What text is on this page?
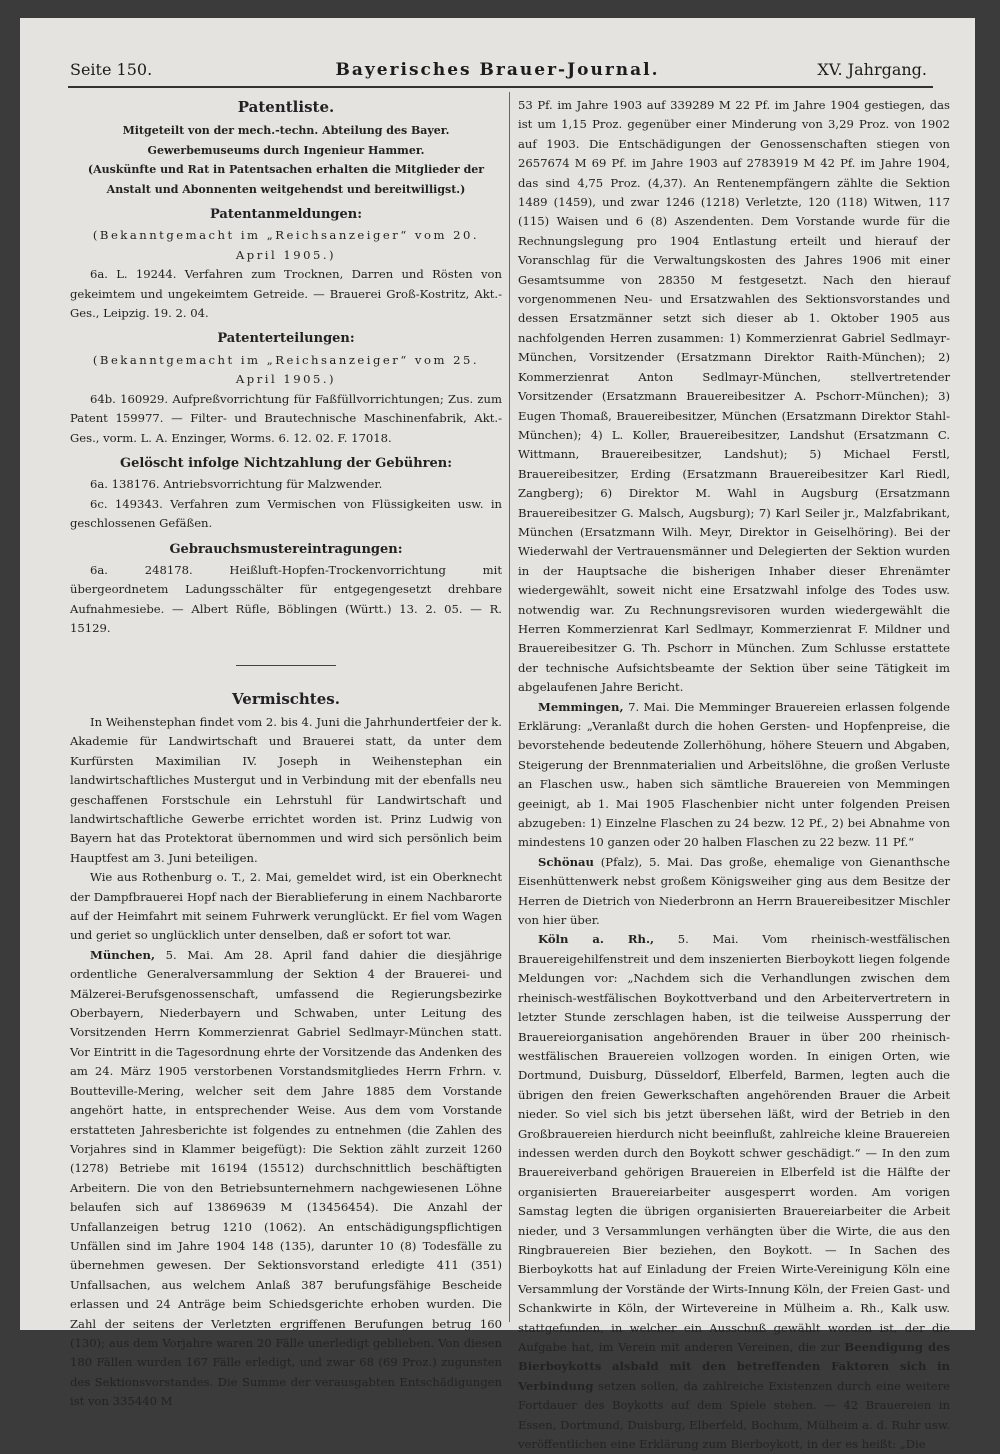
Seite 150.	Bayerisches Brauer-Journal.	XV. Jahrgang.
Patentliste.

Mitgeteilt von der mech.-techn. Abteilung des Bayer. Gewerbemuseums durch Ingenieur Hammer.

(Auskünfte und Rat in Patentsachen erhalten die Mitglieder der Anstalt und Abonnenten weitgehendst und bereitwilligst.)

Patentanmeldungen:

(Bekanntgemacht im „Reichsanzeiger“ vom 20. April 1905.)

6a. L. 19244. Verfahren zum Trocknen, Darren und Rösten von gekeimtem und ungekeimtem Getreide. — Brauerei Groß-Kostritz, Akt.-Ges., Leipzig. 19. 2. 04.

Patenterteilungen:

(Bekanntgemacht im „Reichsanzeiger“ vom 25. April 1905.)

64b. 160929. Aufpreßvorrichtung für Faßfüllvorrichtungen; Zus. zum Patent 159977. — Filter- und Brautechnische Maschinenfabrik, Akt.-Ges., vorm. L. A. Enzinger, Worms. 6. 12. 02. F. 17018.

Gelöscht infolge Nichtzahlung der Gebühren:

6a. 138176. Antriebsvorrichtung für Malzwender.

6c. 149343. Verfahren zum Vermischen von Flüssigkeiten usw. in geschlossenen Gefäßen.

Gebrauchsmustereintragungen:

6a. 248178. Heißluft-Hopfen-Trockenvorrichtung mit übergeordnetem Ladungsschälter für entgegengesetzt drehbare Aufnahmesiebe. — Albert Rüfle, Böblingen (Württ.) 13. 2. 05. — R. 15129.

Vermischtes.

In Weihenstephan findet vom 2. bis 4. Juni die Jahrhundertfeier der k. Akademie für Landwirtschaft und Brauerei statt, da unter dem Kurfürsten Maximilian IV. Joseph in Weihenstephan ein landwirtschaftliches Mustergut und in Verbindung mit der ebenfalls neu geschaffenen Forstschule ein Lehrstuhl für Landwirtschaft und landwirtschaftliche Gewerbe errichtet worden ist. Prinz Ludwig von Bayern hat das Protektorat übernommen und wird sich persönlich beim Hauptfest am 3. Juni beteiligen.

Wie aus Rothenburg o. T., 2. Mai, gemeldet wird, ist ein Oberknecht der Dampfbrauerei Hopf nach der Bierablieferung in einem Nachbarorte auf der Heimfahrt mit seinem Fuhrwerk verunglückt. Er fiel vom Wagen und geriet so unglücklich unter denselben, daß er sofort tot war.

München, 5. Mai. Am 28. April fand dahier die diesjährige ordentliche Generalversammlung der Sektion 4 der Brauerei- und Mälzerei-Berufsgenossenschaft, umfassend die Regierungsbezirke Oberbayern, Niederbayern und Schwaben, unter Leitung des Vorsitzenden Herrn Kommerzienrat Gabriel Sedlmayr-München statt. Vor Eintritt in die Tagesordnung ehrte der Vorsitzende das Andenken des am 24. März 1905 verstorbenen Vorstandsmitgliedes Herrn Frhrn. v. Boutteville-Mering, welcher seit dem Jahre 1885 dem Vorstande angehört hatte, in entsprechender Weise. Aus dem vom Vorstande erstatteten Jahresberichte ist folgendes zu entnehmen (die Zahlen des Vorjahres sind in Klammer beigefügt): Die Sektion zählt zurzeit 1260 (1278) Betriebe mit 16194 (15512) durchschnittlich beschäftigten Arbeitern. Die von den Betriebsunternehmern nachgewiesenen Löhne belaufen sich auf 13869639 M (13456454). Die Anzahl der Unfallanzeigen betrug 1210 (1062). An entschädigungspflichtigen Unfällen sind im Jahre 1904 148 (135), darunter 10 (8) Todesfälle zu übernehmen gewesen. Der Sektionsvorstand erledigte 411 (351) Unfallsachen, aus welchem Anlaß 387 berufungsfähige Bescheide erlassen und 24 Anträge beim Schiedsgerichte erhoben wurden. Die Zahl der seitens der Verletzten ergriffenen Berufungen betrug 160 (130); aus dem Vorjahre waren 20 Fälle unerledigt geblieben. Von diesen 180 Fällen wurden 167 Fälle erledigt, und zwar 68 (69 Proz.) zugunsten des Sektionsvorstandes. Die Summe der verausgabten Entschädigungen ist von 335440 M

53 Pf. im Jahre 1903 auf 339289 M 22 Pf. im Jahre 1904 gestiegen, das ist um 1,15 Proz. gegenüber einer Minderung von 3,29 Proz. von 1902 auf 1903. Die Entschädigungen der Genossenschaften stiegen von 2657674 M 69 Pf. im Jahre 1903 auf 2783919 M 42 Pf. im Jahre 1904, das sind 4,75 Proz. (4,37). An Rentenempfängern zählte die Sektion 1489 (1459), und zwar 1246 (1218) Verletzte, 120 (118) Witwen, 117 (115) Waisen und 6 (8) Aszendenten. Dem Vorstande wurde für die Rechnungslegung pro 1904 Entlastung erteilt und hierauf der Voranschlag für die Verwaltungskosten des Jahres 1906 mit einer Gesamtsumme von 28350 M festgesetzt. Nach den hierauf vorgenommenen Neu- und Ersatzwahlen des Sektionsvorstandes und dessen Ersatzmänner setzt sich dieser ab 1. Oktober 1905 aus nachfolgenden Herren zusammen: 1) Kommerzienrat Gabriel Sedlmayr-München, Vorsitzender (Ersatzmann Direktor Raith-München); 2) Kommerzienrat Anton Sedlmayr-München, stellvertretender Vorsitzender (Ersatzmann Brauereibesitzer A. Pschorr-München); 3) Eugen Thomaß, Brauereibesitzer, München (Ersatzmann Direktor Stahl-München); 4) L. Koller, Brauereibesitzer, Landshut (Ersatzmann C. Wittmann, Brauereibesitzer, Landshut); 5) Michael Ferstl, Brauereibesitzer, Erding (Ersatzmann Brauereibesitzer Karl Riedl, Zangberg); 6) Direktor M. Wahl in Augsburg (Ersatzmann Brauereibesitzer G. Malsch, Augsburg); 7) Karl Seiler jr., Malzfabrikant, München (Ersatzmann Wilh. Meyr, Direktor in Geiselhöring). Bei der Wiederwahl der Vertrauensmänner und Delegierten der Sektion wurden in der Hauptsache die bisherigen Inhaber dieser Ehrenämter wiedergewählt, soweit nicht eine Ersatzwahl infolge des Todes usw. notwendig war. Zu Rechnungsrevisoren wurden wiedergewählt die Herren Kommerzienrat Karl Sedlmayr, Kommerzienrat F. Mildner und Brauereibesitzer G. Th. Pschorr in München. Zum Schlusse erstattete der technische Aufsichtsbeamte der Sektion über seine Tätigkeit im abgelaufenen Jahre Bericht.

Memmingen, 7. Mai. Die Memminger Brauereien erlassen folgende Erklärung: „Veranlaßt durch die hohen Gersten- und Hopfenpreise, die bevorstehende bedeutende Zollerhöhung, höhere Steuern und Abgaben, Steigerung der Brennmaterialien und Arbeitslöhne, die großen Verluste an Flaschen usw., haben sich sämtliche Brauereien von Memmingen geeinigt, ab 1. Mai 1905 Flaschenbier nicht unter folgenden Preisen abzugeben: 1) Einzelne Flaschen zu 24 bezw. 12 Pf., 2) bei Abnahme von mindestens 10 ganzen oder 20 halben Flaschen zu 22 bezw. 11 Pf.“

Schönau (Pfalz), 5. Mai. Das große, ehemalige von Gienanthsche Eisenhüttenwerk nebst großem Königsweiher ging aus dem Besitze der Herren de Dietrich von Niederbronn an Herrn Brauereibesitzer Mischler von hier über.

Köln a. Rh., 5. Mai. Vom rheinisch-westfälischen Brauereigehilfenstreit und dem inszenierten Bierboykott liegen folgende Meldungen vor: „Nachdem sich die Verhandlungen zwischen dem rheinisch-westfälischen Boykottverband und den Arbeitervertretern in letzter Stunde zerschlagen haben, ist die teilweise Aussperrung der Brauereiorganisation angehörenden Brauer in über 200 rheinisch-westfälischen Brauereien vollzogen worden. In einigen Orten, wie Dortmund, Duisburg, Düsseldorf, Elberfeld, Barmen, legten auch die übrigen den freien Gewerkschaften angehörenden Brauer die Arbeit nieder. So viel sich bis jetzt übersehen läßt, wird der Betrieb in den Großbrauereien hierdurch nicht beeinflußt, zahlreiche kleine Brauereien indessen werden durch den Boykott schwer geschädigt.“ — In den zum Brauereiverband gehörigen Brauereien in Elberfeld ist die Hälfte der organisierten Brauereiarbeiter ausgesperrt worden. Am vorigen Samstag legten die übrigen organisierten Brauereiarbeiter die Arbeit nieder, und 3 Versammlungen verhängten über die Wirte, die aus den Ringbrauereien Bier beziehen, den Boykott. — In Sachen des Bierboykotts hat auf Einladung der Freien Wirte-Vereinigung Köln eine Versammlung der Vorstände der Wirts-Innung Köln, der Freien Gast- und Schankwirte in Köln, der Wirtevereine in Mülheim a. Rh., Kalk usw. stattgefunden, in welcher ein Ausschuß gewählt worden ist, der die Aufgabe hat, im Verein mit anderen Vereinen, die zur Beendigung des Bierboykotts alsbald mit den betreffenden Faktoren sich in Verbindung setzen sollen, da zahlreiche Existenzen durch eine weitere Fortdauer des Boykotts auf dem Spiele stehen. — 42 Brauereien in Essen, Dortmund, Duisburg, Elberfeld, Bochum, Mülheim a. d. Ruhr usw. veröffentlichen eine Erklärung zum Bierboykott, in der es heißt: „Die
